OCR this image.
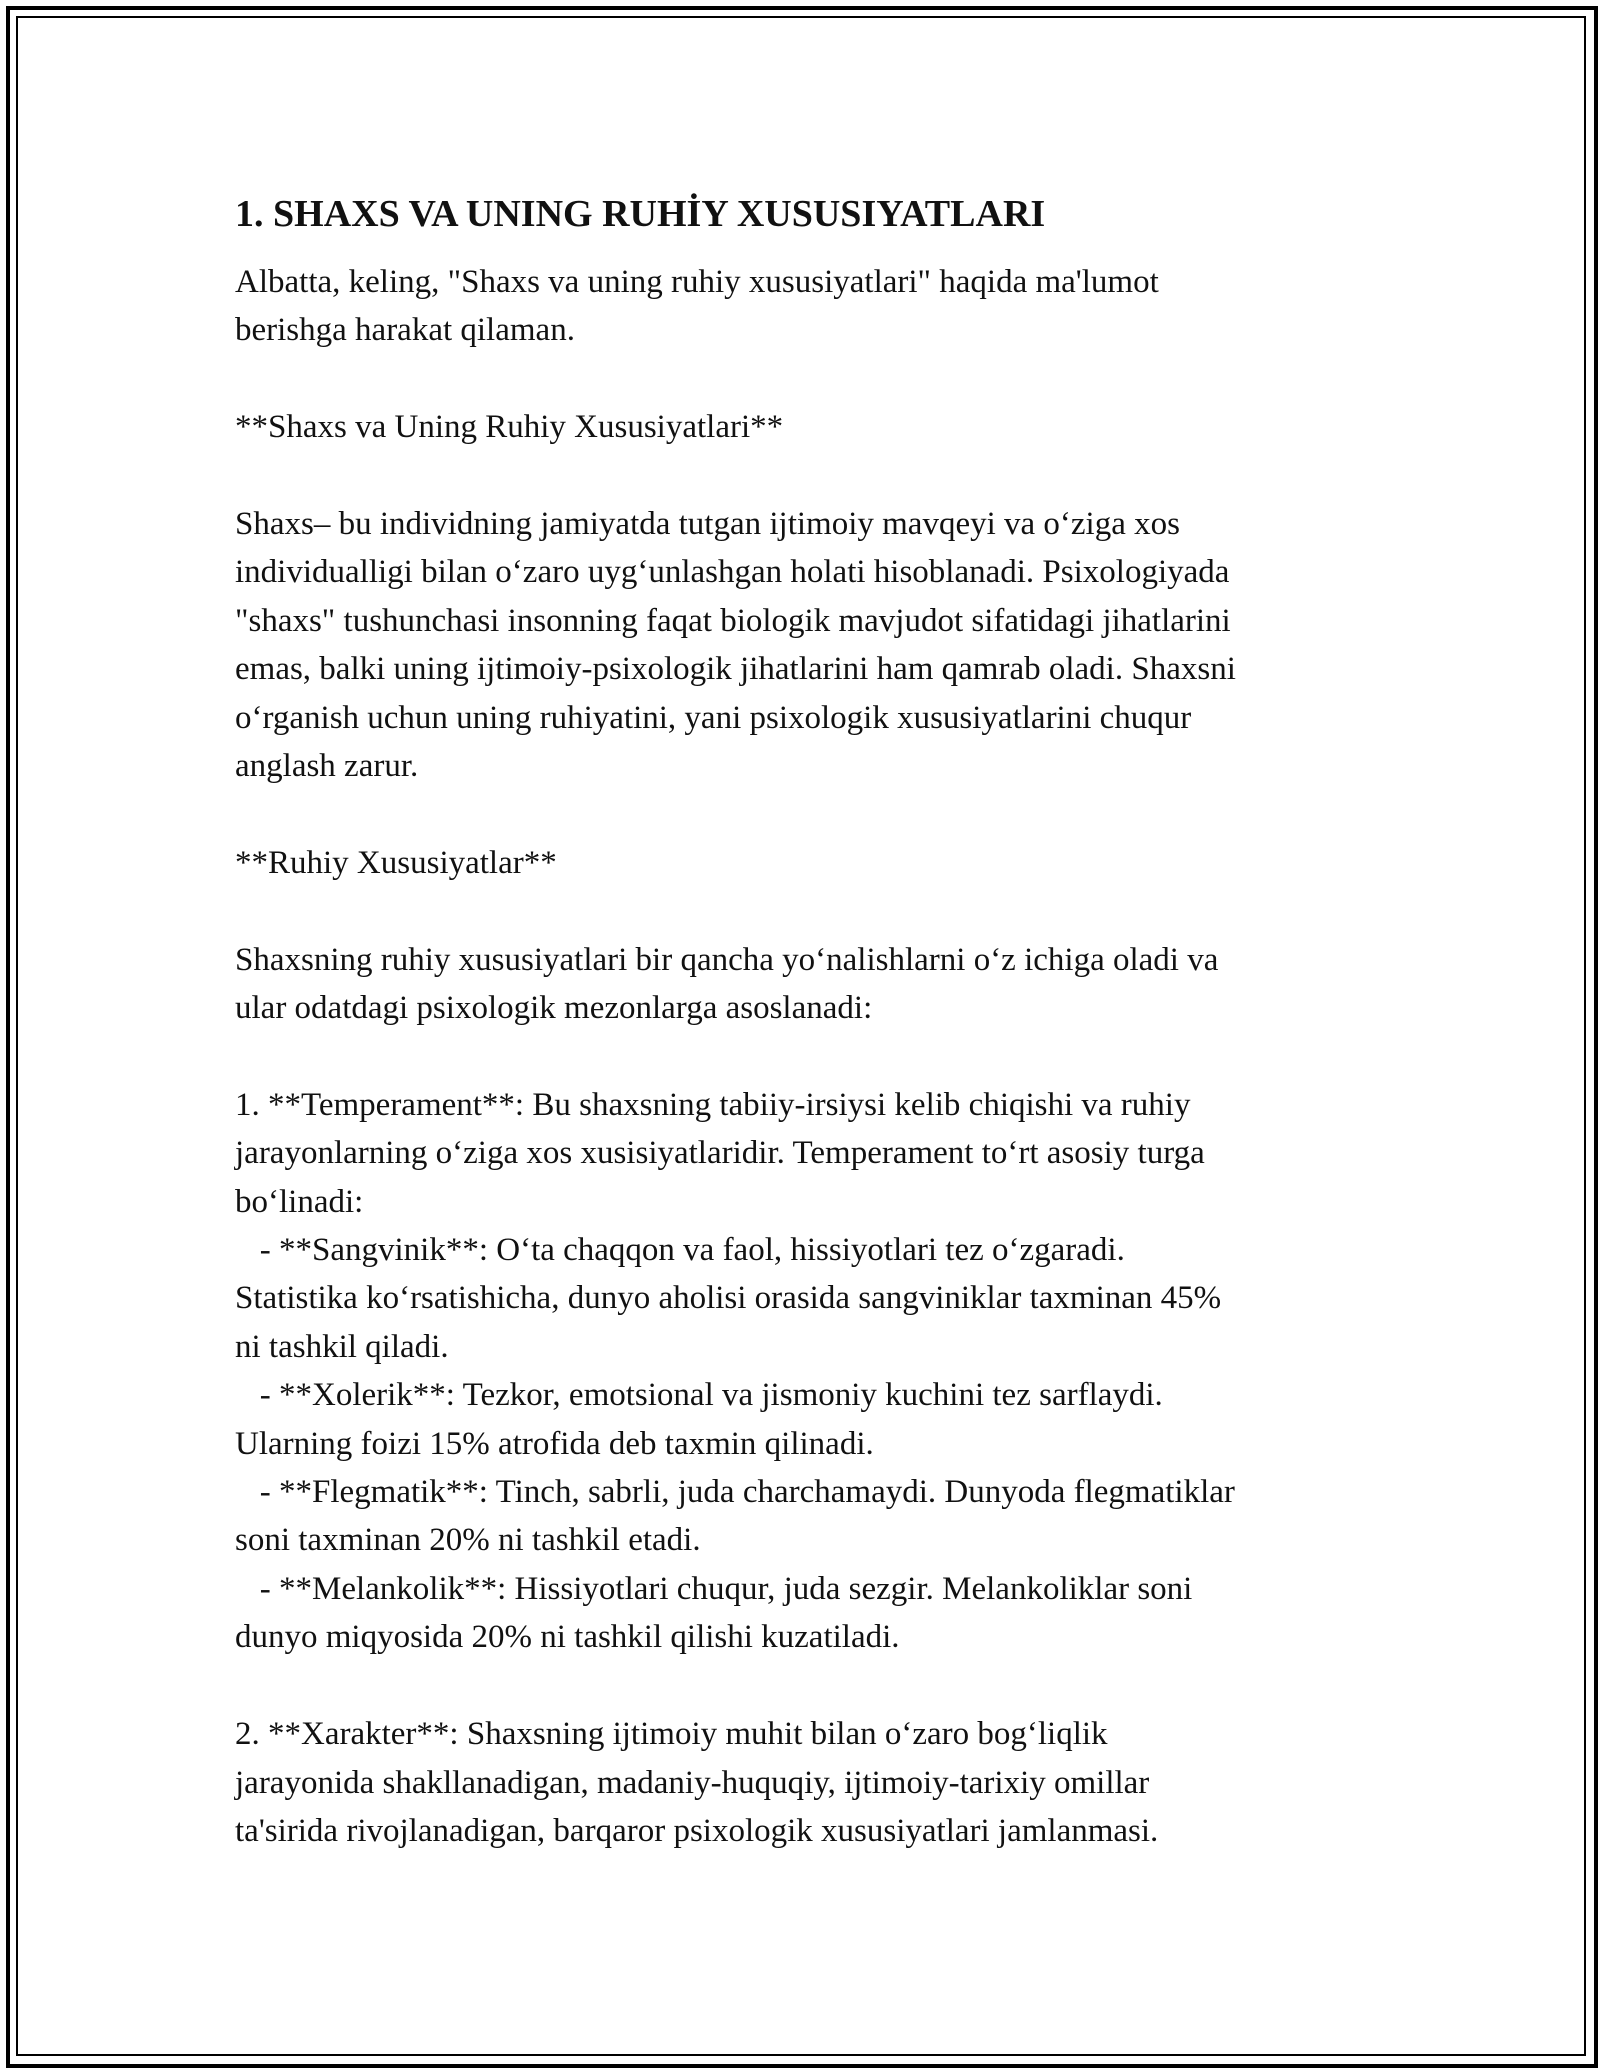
1. SHAXS VA UNING RUHİY XUSUSIYATLARI
Albatta, keling, "Shaxs va uning ruhiy xususiyatlari" haqida ma'lumot
berishga harakat qilaman.
**Shaxs va Uning Ruhiy Xususiyatlari**
Shaxs– bu individning jamiyatda tutgan ijtimoiy mavqeyi va oʻziga xos
individualligi bilan oʻzaro uygʻunlashgan holati hisoblanadi. Psixologiyada
"shaxs" tushunchasi insonning faqat biologik mavjudot sifatidagi jihatlarini
emas, balki uning ijtimoiy-psixologik jihatlarini ham qamrab oladi. Shaxsni
oʻrganish uchun uning ruhiyatini, yani psixologik xususiyatlarini chuqur
anglash zarur.
**Ruhiy Xususiyatlar**
Shaxsning ruhiy xususiyatlari bir qancha yoʻnalishlarni oʻz ichiga oladi va
ular odatdagi psixologik mezonlarga asoslanadi:
1. **Temperament**: Bu shaxsning tabiiy-irsiysi kelib chiqishi va ruhiy
jarayonlarning oʻziga xos xusisiyatlaridir. Temperament toʻrt asosiy turga
boʻlinadi:
- **Sangvinik**: Oʻta chaqqon va faol, hissiyotlari tez oʻzgaradi.
Statistika koʻrsatishicha, dunyo aholisi orasida sangviniklar taxminan 45%
ni tashkil qiladi.
- **Xolerik**: Tezkor, emotsional va jismoniy kuchini tez sarflaydi.
Ularning foizi 15% atrofida deb taxmin qilinadi.
- **Flegmatik**: Tinch, sabrli, juda charchamaydi. Dunyoda flegmatiklar
soni taxminan 20% ni tashkil etadi.
- **Melankolik**: Hissiyotlari chuqur, juda sezgir. Melankoliklar soni
dunyo miqyosida 20% ni tashkil qilishi kuzatiladi.
2. **Xarakter**: Shaxsning ijtimoiy muhit bilan oʻzaro bogʻliqlik
jarayonida shakllanadigan, madaniy-huquqiy, ijtimoiy-tarixiy omillar
ta'sirida rivojlanadigan, barqaror psixologik xususiyatlari jamlanmasi.
